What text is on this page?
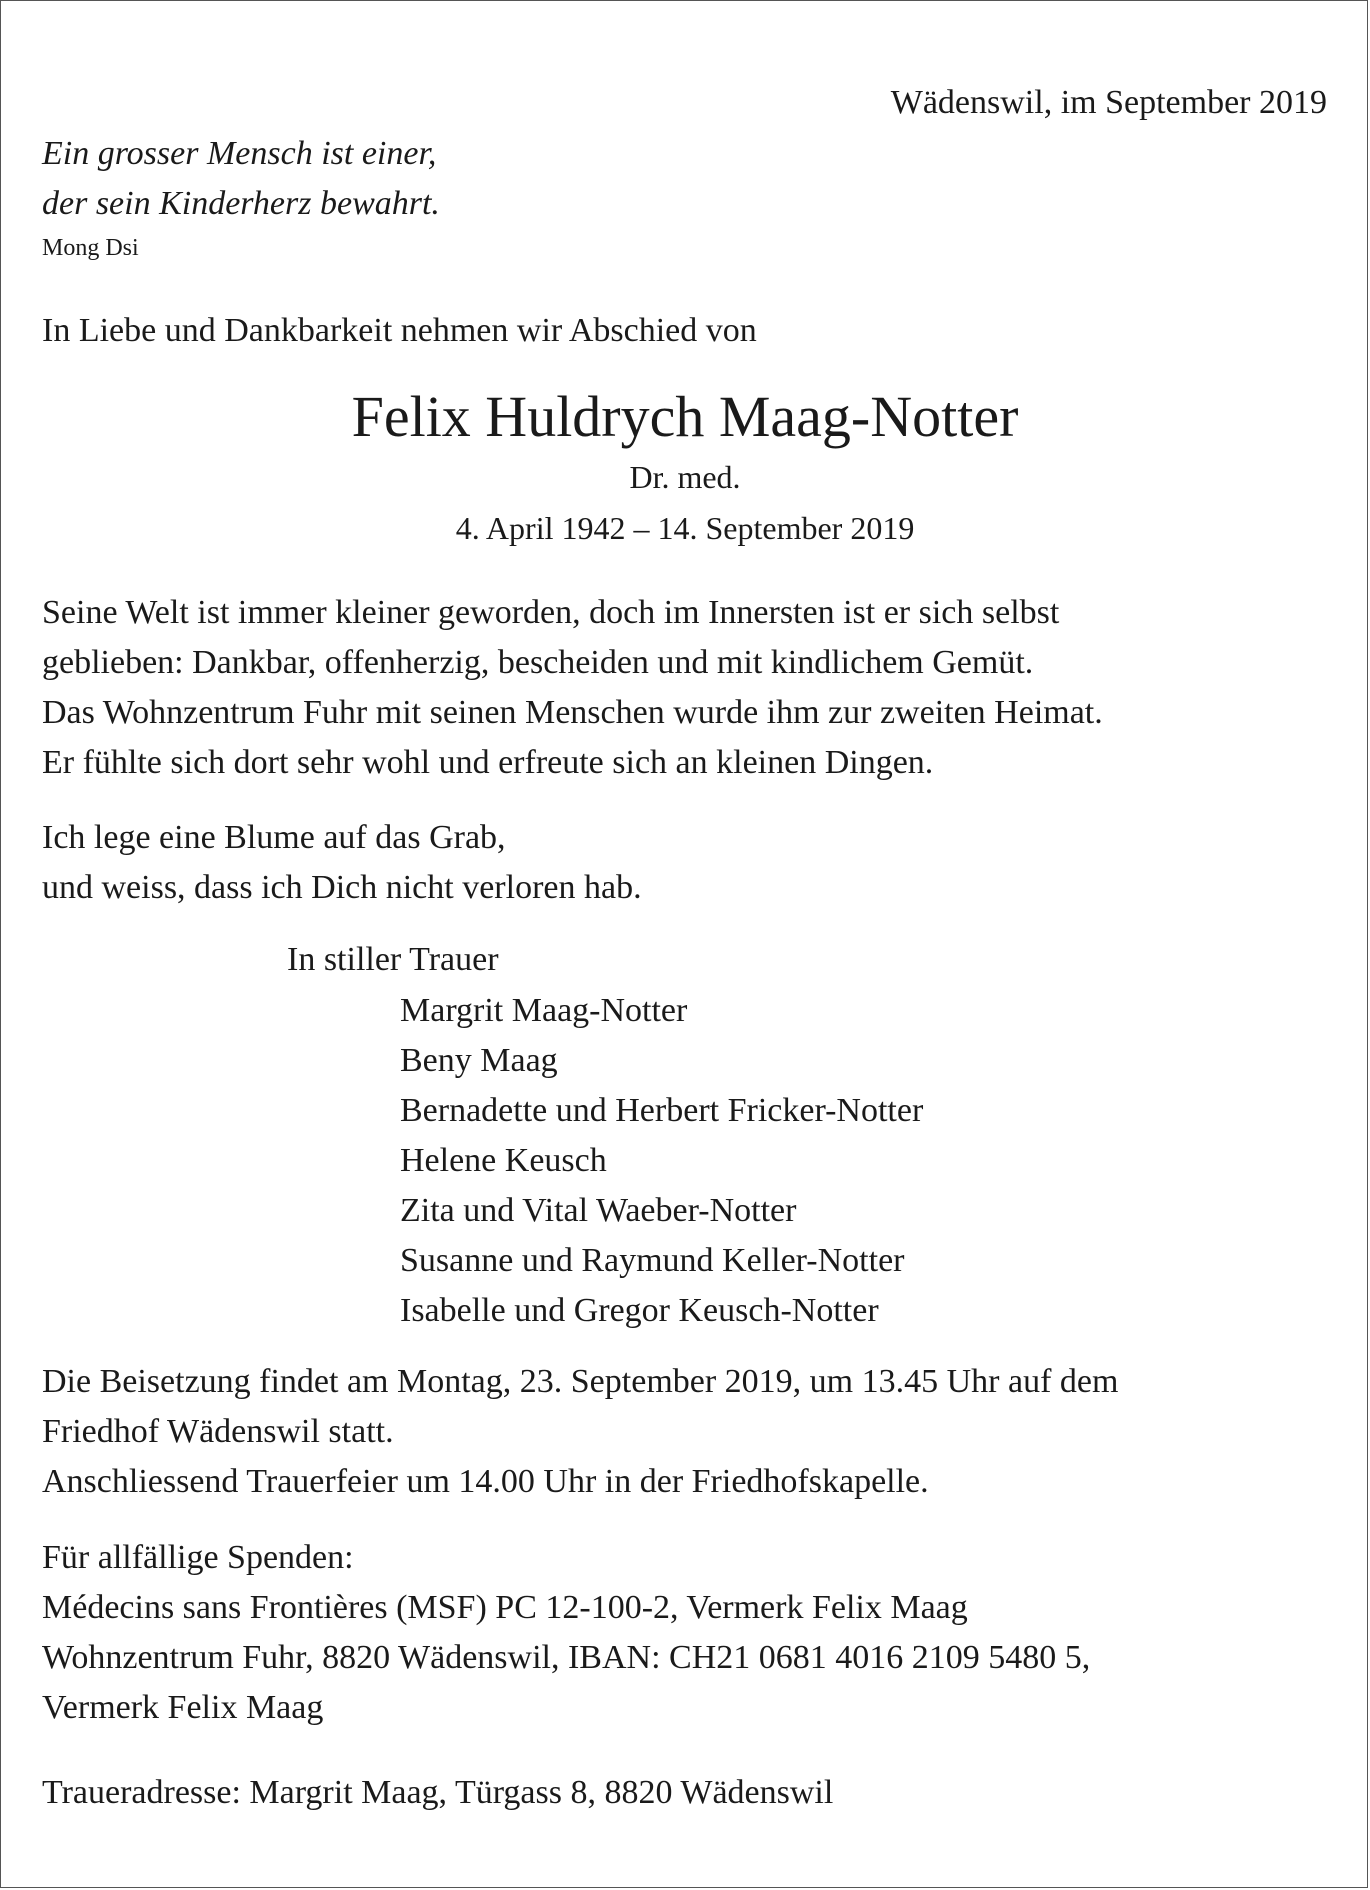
Wädenswil, im September 2019

Ein grosser Mensch ist einer,
der sein Kinderherz bewahrt.

Mong Dsi

In Liebe und Dankbarkeit nehmen wir Abschied von

Felix Huldrych Maag-Notter

Dr. med.

4. April 1942 – 14. September 2019

Seine Welt ist immer kleiner geworden, doch im Innersten ist er sich selbst
geblieben: Dankbar, offenherzig, bescheiden und mit kindlichem Gemüt.
Das Wohnzentrum Fuhr mit seinen Menschen wurde ihm zur zweiten Heimat.
Er fühlte sich dort sehr wohl und erfreute sich an kleinen Dingen.
Ich lege eine Blume auf das Grab,
und weiss, dass ich Dich nicht verloren hab.

In stiller Trauer

Margrit Maag-Notter
Beny Maag
Bernadette und Herbert Fricker-Notter
Helene Keusch
Zita und Vital Waeber-Notter
Susanne und Raymund Keller-Notter
Isabelle und Gregor Keusch-Notter
Die Beisetzung findet am Montag, 23. September 2019, um 13.45 Uhr auf dem
Friedhof Wädenswil statt.
Anschliessend Trauerfeier um 14.00 Uhr in der Friedhofskapelle.
Für allfällige Spenden:
Médecins sans Frontières (MSF) PC 12-100-2, Vermerk Felix Maag
Wohnzentrum Fuhr, 8820 Wädenswil, IBAN: CH21 0681 4016 2109 5480 5,
Vermerk Felix Maag
Traueradresse: Margrit Maag, Türgass 8, 8820 Wädenswil
